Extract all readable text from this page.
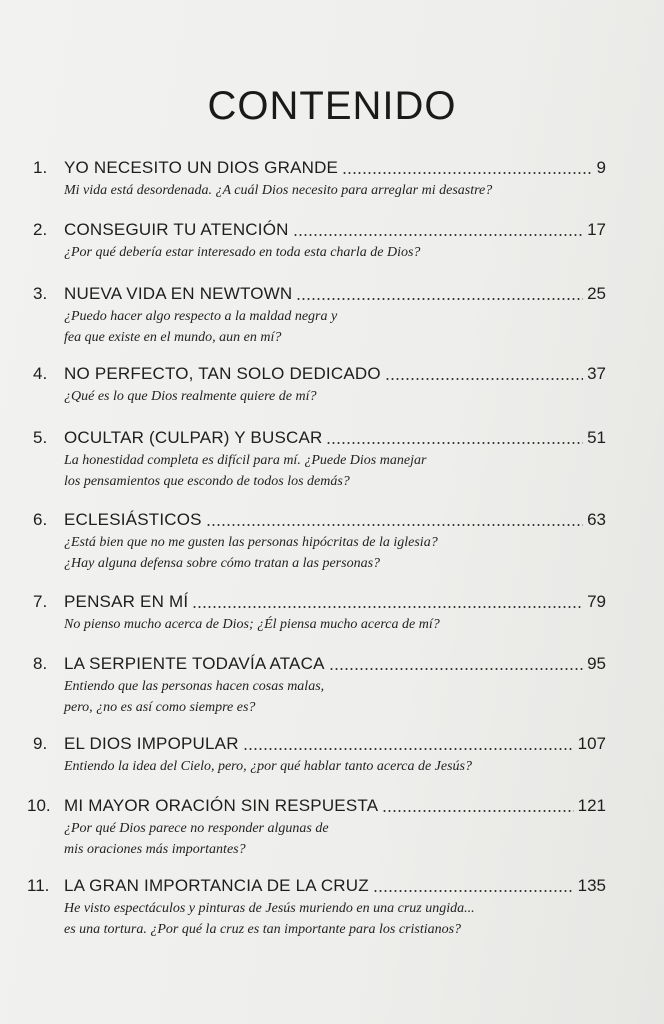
CONTENIDO
1. YO NECESITO UN DIOS GRANDE	9
Mi vida está desordenada. ¿A cuál Dios necesito para arreglar mi desastre?
2. CONSEGUIR TU ATENCIÓN	17
¿Por qué debería estar interesado en toda esta charla de Dios?
3. NUEVA VIDA EN NEWTOWN	25
¿Puedo hacer algo respecto a la maldad negra y
fea que existe en el mundo, aun en mí?
4. NO PERFECTO, TAN SOLO DEDICADO	37
¿Qué es lo que Dios realmente quiere de mí?
5. OCULTAR (CULPAR) Y BUSCAR	51
La honestidad completa es difícil para mí. ¿Puede Dios manejar
los pensamientos que escondo de todos los demás?
6. ECLESIÁSTICOS	63
¿Está bien que no me gusten las personas hipócritas de la iglesia?
¿Hay alguna defensa sobre cómo tratan a las personas?
7. PENSAR EN MÍ	79
No pienso mucho acerca de Dios; ¿Él piensa mucho acerca de mí?
8. LA SERPIENTE TODAVÍA ATACA	95
Entiendo que las personas hacen cosas malas,
pero, ¿no es así como siempre es?
9. EL DIOS IMPOPULAR	107
Entiendo la idea del Cielo, pero, ¿por qué hablar tanto acerca de Jesús?
10. MI MAYOR ORACIÓN SIN RESPUESTA	121
¿Por qué Dios parece no responder algunas de
mis oraciones más importantes?
11. LA GRAN IMPORTANCIA DE LA CRUZ	135
He visto espectáculos y pinturas de Jesús muriendo en una cruz ungida...
es una tortura. ¿Por qué la cruz es tan importante para los cristianos?
